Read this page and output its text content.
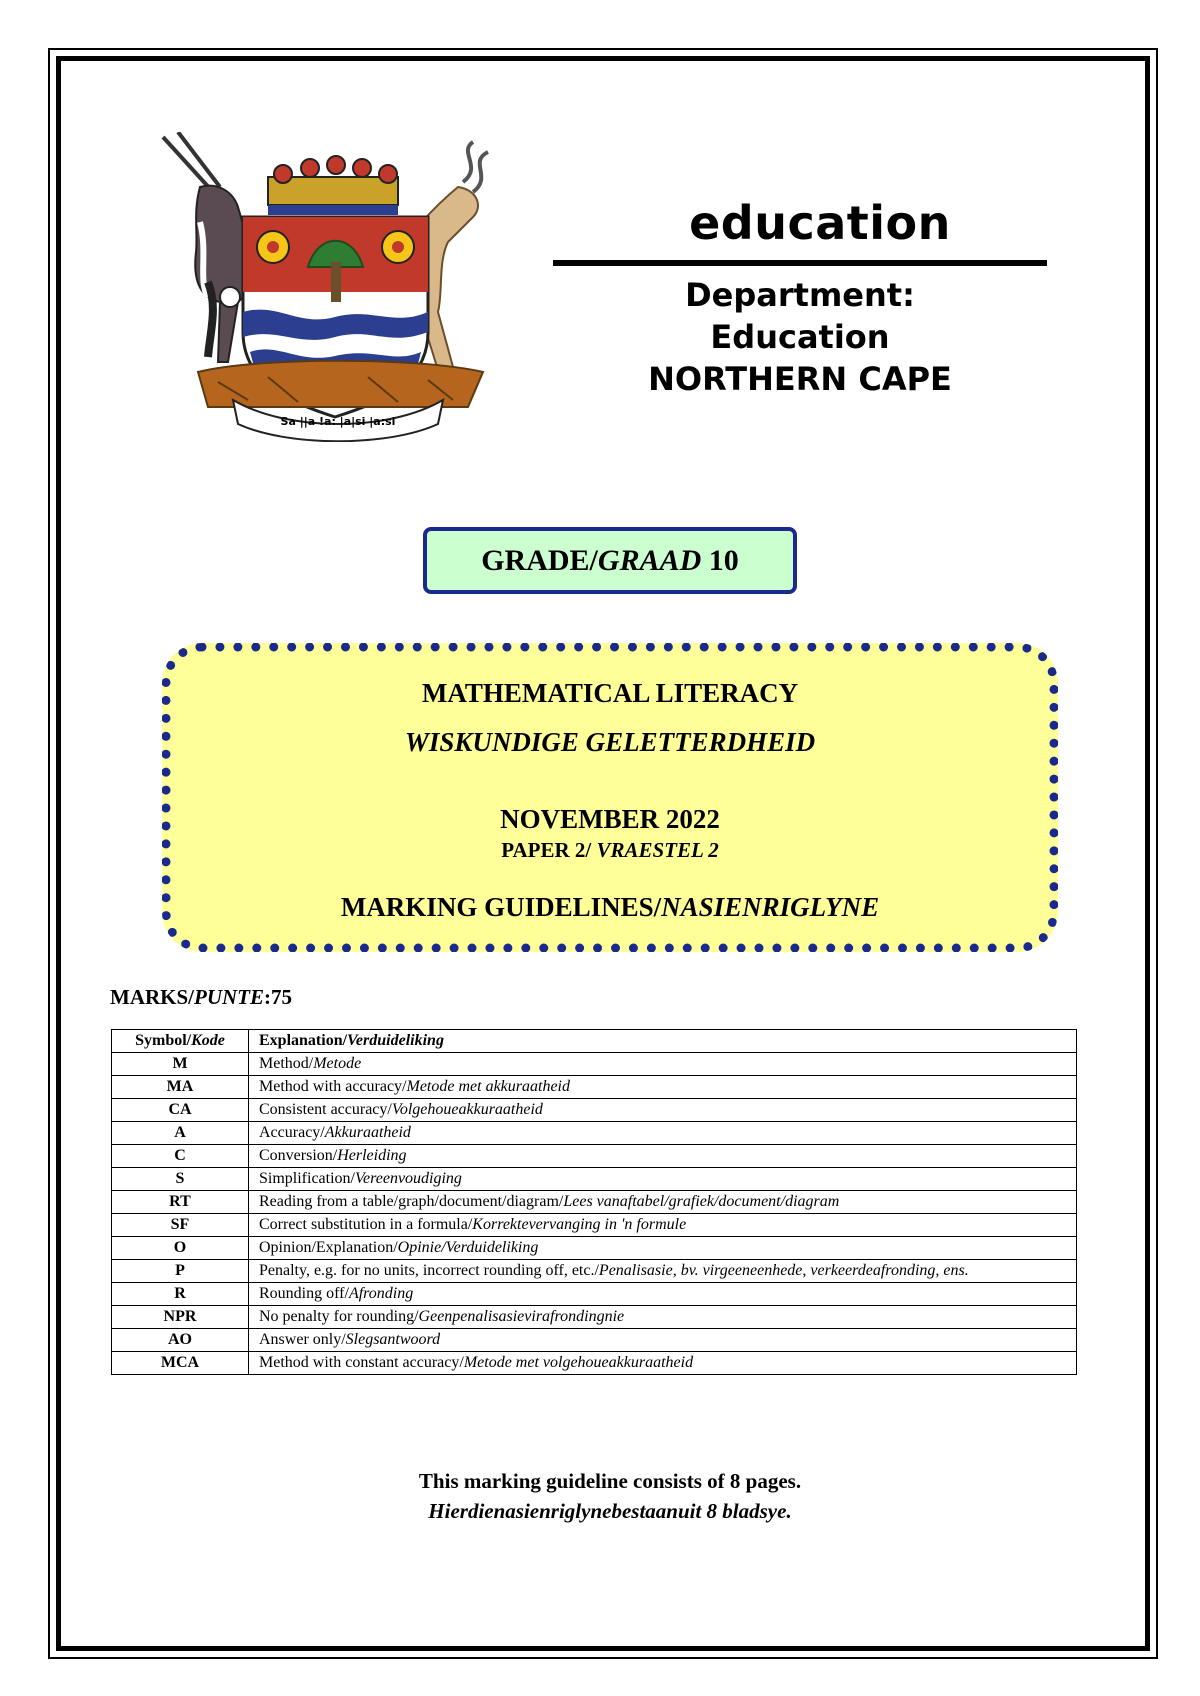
Sa ||a !a: |a|si |a:si
education
Department:
Education
NORTHERN CAPE
GRADE/GRAAD 10
MATHEMATICAL LITERACY
WISKUNDIGE GELETTERDHEID
NOVEMBER 2022
PAPER 2/ VRAESTEL 2
MARKING GUIDELINES/NASIENRIGLYNE
MARKS/PUNTE:75
Symbol/Kode	Explanation/Verduideliking
M	Method/Metode
MA	Method with accuracy/Metode met akkuraatheid
CA	Consistent accuracy/Volgehoueakkuraatheid
A	Accuracy/Akkuraatheid
C	Conversion/Herleiding
S	Simplification/Vereenvoudiging
RT	Reading from a table/graph/document/diagram/Lees vanaftabel/grafiek/document/diagram
SF	Correct substitution in a formula/Korrektevervanging in 'n formule
O	Opinion/Explanation/Opinie/Verduideliking
P	Penalty, e.g. for no units, incorrect rounding off, etc./Penalisasie, bv. virgeeneenhede, verkeerdeafronding, ens.
R	Rounding off/Afronding
NPR	No penalty for rounding/Geenpenalisasievirafrondingnie
AO	Answer only/Slegsantwoord
MCA	Method with constant accuracy/Metode met volgehoueakkuraatheid
This marking guideline consists of 8 pages.
Hierdienasienriglynebestaanuit 8 bladsye.
